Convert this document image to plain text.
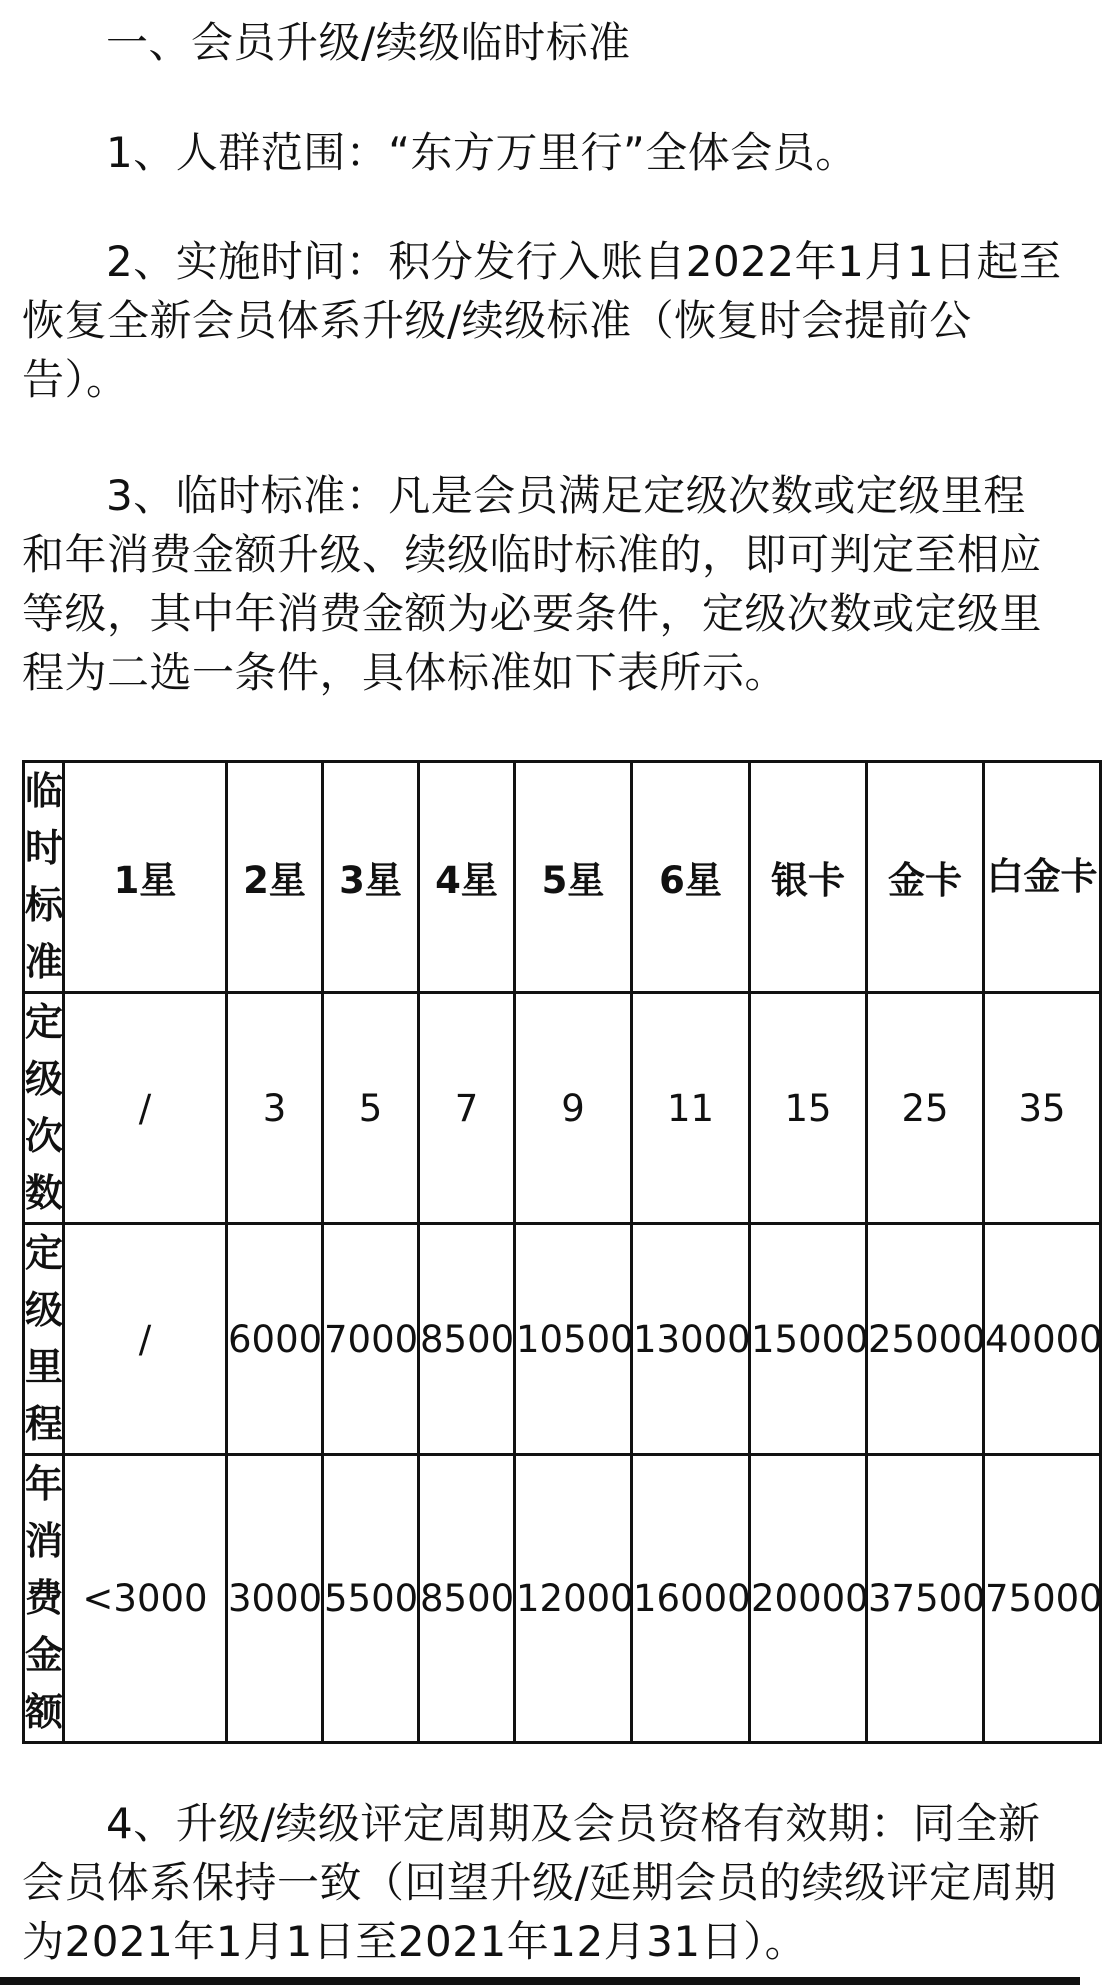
一、会员升级/续级临时标准

1、人群范围：“东方万里行”全体会员。

2、实施时间：积分发行入账自2022年1月1日起至恢复全新会员体系升级/续级标准（恢复时会提前公告）。

3、临时标准：凡是会员满足定级次数或定级里程和年消费金额升级、续级临时标准的，即可判定至相应等级，其中年消费金额为必要条件，定级次数或定级里程为二选一条件，具体标准如下表所示。

临时标准	1星	2星	3星	4星	5星	6星	银卡	金卡	白金卡
定级次数	/	3	5	7	9	11	15	25	35
定级里程	/	6000	7000	8500	10500	13000	15000	25000	40000
年消费金额	<3000	3000	5500	8500	12000	16000	20000	37500	75000

4、升级/续级评定周期及会员资格有效期：同全新会员体系保持一致（回望升级/延期会员的续级评定周期为2021年1月1日至2021年12月31日）。
